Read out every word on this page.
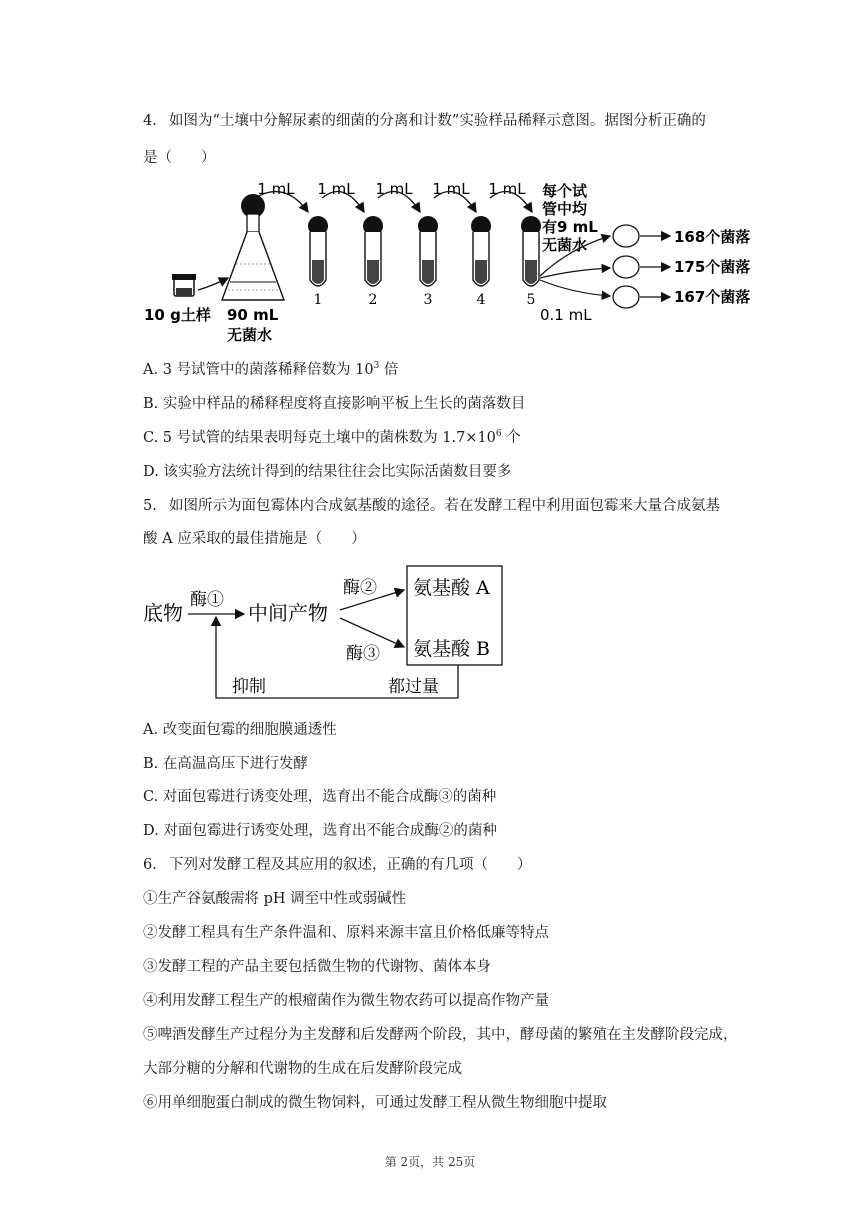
4. 如图为“土壤中分解尿素的细菌的分离和计数”实验样品稀释示意图。据图分析正确的
是（　　）
1 mL 1 mL 1 mL 1 mL 1 mL
1	2	3	4	5
每个试
管中均
有9 mL
无菌水	168个菌落
175个菌落
167个菌落
10 g土样 90 mL
无菌水
0.1 mL
A. 3 号试管中的菌落稀释倍数为 $10^3$ 倍
B. 实验中样品的稀释程度将直接影响平板上生长的菌落数目
C. 5 号试管的结果表明每克土壤中的菌株数为 $1.7\times 10^6$ 个
D. 该实验方法统计得到的结果往往会比实际活菌数目要多
5. 如图所示为面包霉体内合成氨基酸的途径。若在发酵工程中利用面包霉来大量合成氨基
酸 A 应采取的最佳措施是（　　）
底物
酶①
中间产物
酶②
酶③
氨基酸 A
氨基酸 B
抑制	都过量
A. 改变面包霉的细胞膜通透性
B. 在高温高压下进行发酵
C. 对面包霉进行诱变处理，选育出不能合成酶③的菌种
D. 对面包霉进行诱变处理，选育出不能合成酶②的菌种
6. 下列对发酵工程及其应用的叙述，正确的有几项（　　）
①生产谷氨酸需将 pH 调至中性或弱碱性
②发酵工程具有生产条件温和、原料来源丰富且价格低廉等特点
③发酵工程的产品主要包括微生物的代谢物、菌体本身
④利用发酵工程生产的根瘤菌作为微生物农药可以提高作物产量
⑤啤酒发酵生产过程分为主发酵和后发酵两个阶段，其中，酵母菌的繁殖在主发酵阶段完成，
大部分糖的分解和代谢物的生成在后发酵阶段完成
⑥用单细胞蛋白制成的微生物饲料，可通过发酵工程从微生物细胞中提取
第 2页，共 25页
